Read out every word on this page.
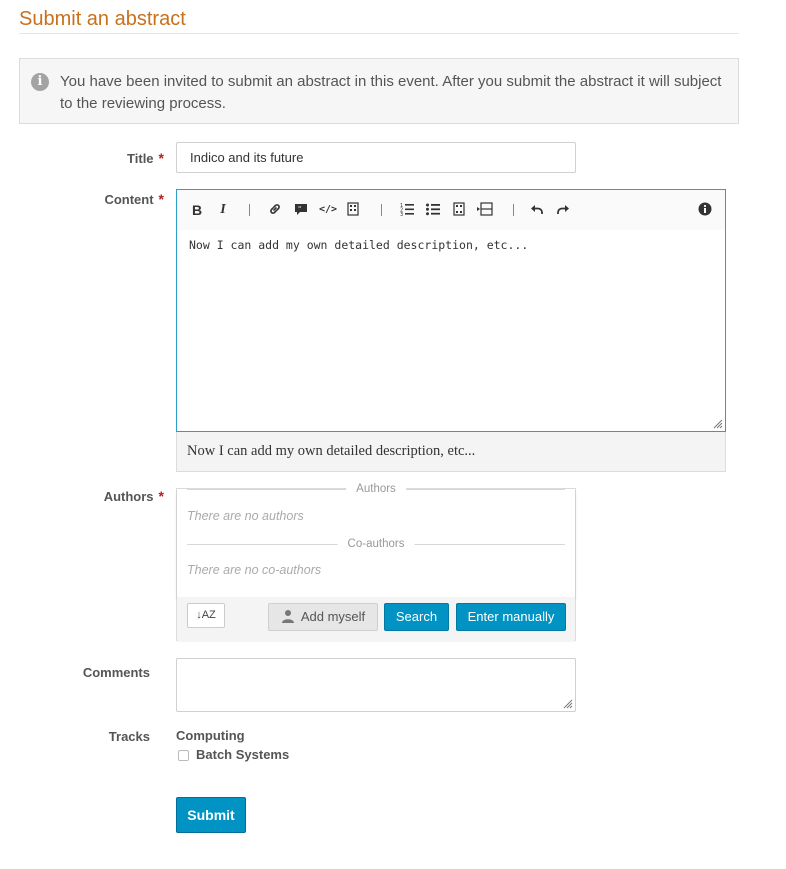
Submit an abstract
i	You have been invited to submit an abstract in this event. After you submit the abstract it will subject to the reviewing process.
Title *
Indico and its future
Content *
B	I	" </>	1
2
3
Now I can add my own detailed description, etc...
Now I can add my own detailed description, etc...
Authors *	Authors
There are no authors
Co-authors
There are no co-authors
↓AZ	Add myself	Search	Enter manually
Comments
Tracks Computing
Batch Systems
Submit
